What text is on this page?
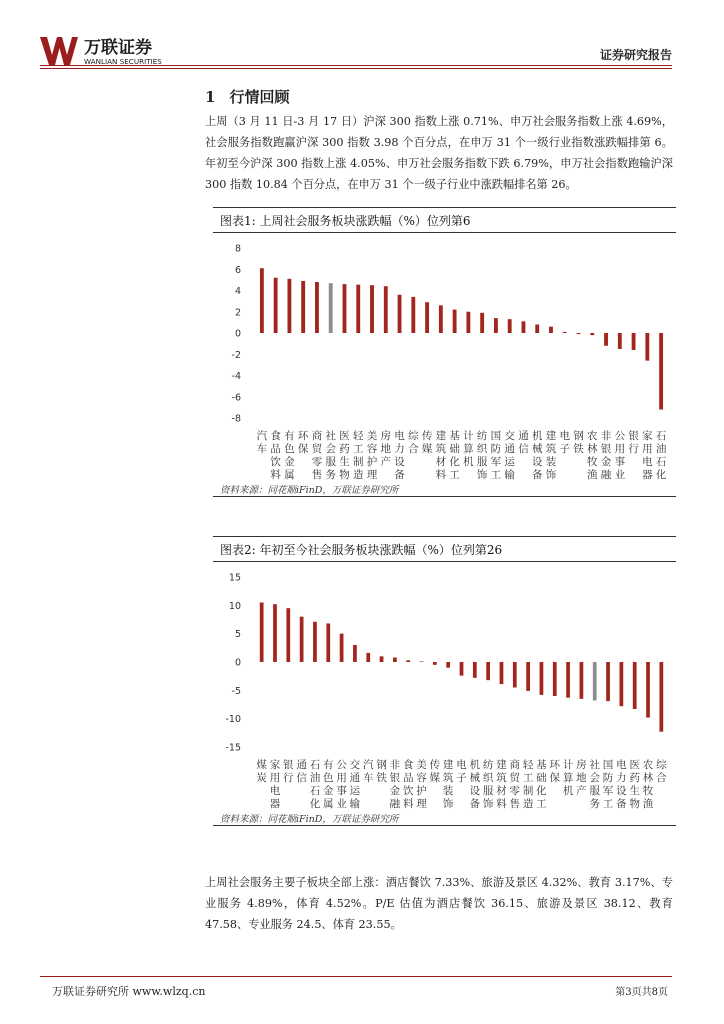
万联证券
WANLIAN SECURITIES	证券研究报告
1 行情回顾

上周（3 月 11 日-3 月 17 日）沪深 300 指数上涨 0.71%、申万社会服务指数上涨 4.69%，社会服务指数跑赢沪深 300 指数 3.98 个百分点，在申万 31 个一级行业指数涨跌幅排第 6。年初至今沪深 300 指数上涨 4.05%、申万社会服务指数下跌 6.79%，申万社会指数跑输沪深 300 指数 10.84 个百分点，在申万 31 个一级子行业中涨跌幅排名第 26。

图表1: 上周社会服务板块涨跌幅（%）位列第6
-8
-6
-4
-2
0
2
4
6
8
汽
车
食
品
饮
料
有
色
金
属
环
保
商
贸
零
售
社
会
服
务
医
药
生
物
轻
工
制
造
美
容
护
理
房
地
产
电
力
设
备
综
合
传
媒
建
筑
材
料
基
础
化
工
计
算
机
纺
织
服
饰
国
防
军
工
交
通
运
输
通
信
机
械
设
备
建
筑
装
饰
电
子
钢
铁
农
林
牧
渔
非
银
金
融
公
用
事
业
银
行
家
用
电
器
石
油
石
化
资料来源：同花顺iFinD，万联证券研究所
图表2: 年初至今社会服务板块涨跌幅（%）位列第26
-15
-10
-5
0
5
10
15
煤
炭
家
用
电
器
银
行
通
信
石
油
石
化
有
色
金
属
公
用
事
业
交
通
运
输
汽
车
钢
铁
非
银
金
融
食
品
饮
料
美
容
护
理
传
媒
建
筑
装
饰
电
子
机
械
设
备
纺
织
服
饰
建
筑
材
料
商
贸
零
售
轻
工
制
造
基
础
化
工
环
保
计
算
机
房
地
产
社
会
服
务
国
防
军
工
电
力
设
备
医
药
生
物
农
林
牧
渔
综
合
资料来源：同花顺iFinD，万联证券研究所

上周社会服务主要子板块全部上涨：酒店餐饮 7.33%、旅游及景区 4.32%、教育 3.17%、专业服务 4.89%，体育 4.52%。P/E 估值为酒店餐饮 36.15、旅游及景区 38.12、教育 47.58、专业服务 24.5、体育 23.55。

万联证券研究所 www.wlzq.cn	第3页共8页
